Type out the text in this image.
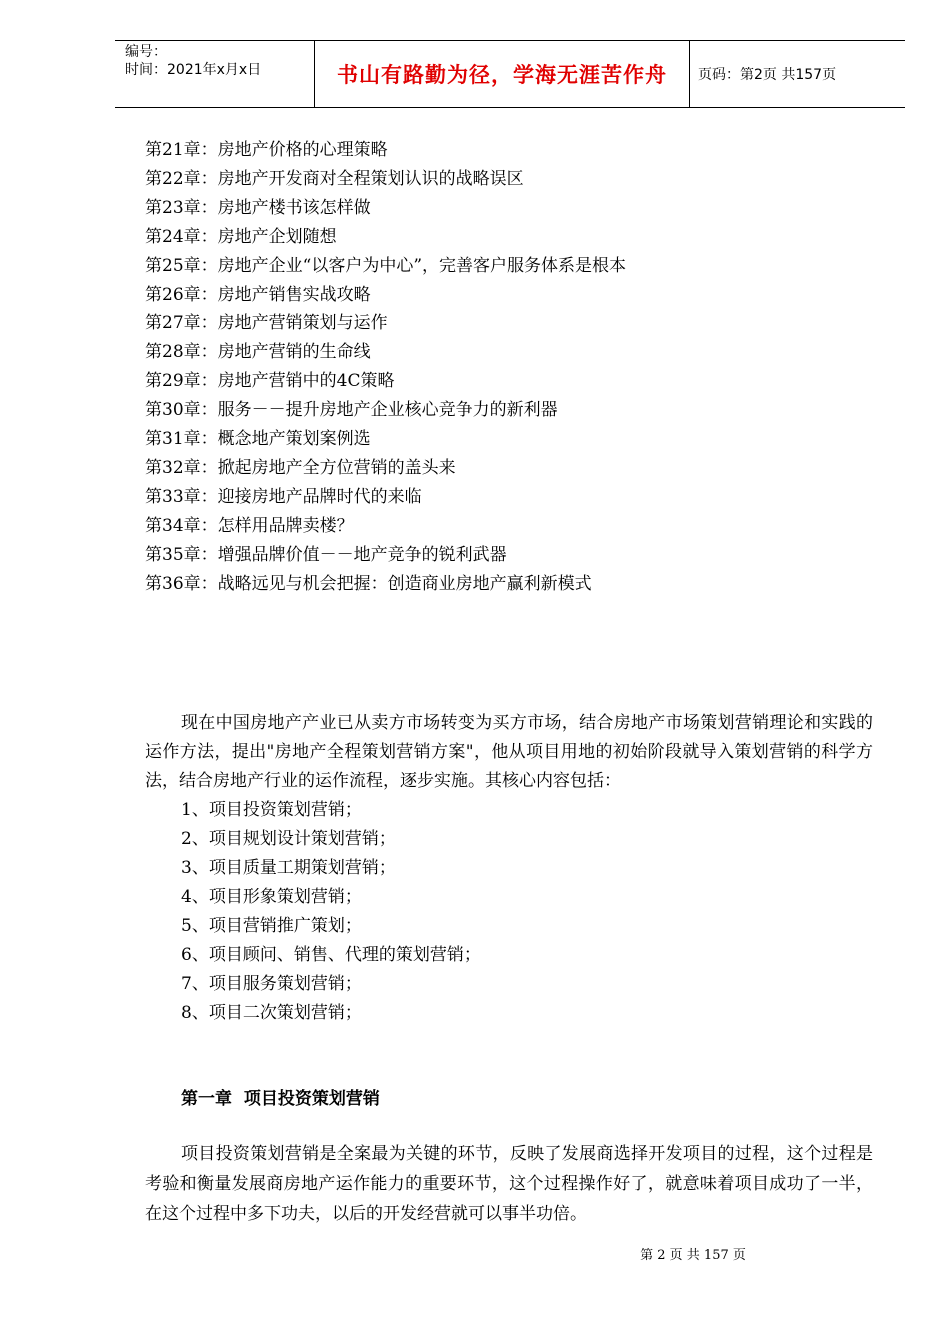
编号：
时间：2021年x月x日	书山有路勤为径，学海无涯苦作舟 页码：第2页 共157页
第21章：房地产价格的心理策略
第22章：房地产开发商对全程策划认识的战略误区
第23章：房地产楼书该怎样做
第24章：房地产企划随想
第25章：房地产企业“以客户为中心”，完善客户服务体系是根本
第26章：房地产销售实战攻略
第27章：房地产营销策划与运作
第28章：房地产营销的生命线
第29章：房地产营销中的4C策略
第30章：服务－－提升房地产企业核心竞争力的新利器
第31章：概念地产策划案例选
第32章：掀起房地产全方位营销的盖头来
第33章：迎接房地产品牌时代的来临
第34章：怎样用品牌卖楼？
第35章：增强品牌价值－－地产竞争的锐利武器
第36章：战略远见与机会把握：创造商业房地产赢利新模式

现在中国房地产产业已从卖方市场转变为买方市场，结合房地产市场策划营销理论和实践的运作方法，提出"房地产全程策划营销方案"，他从项目用地的初始阶段就导入策划营销的科学方法，结合房地产行业的运作流程，逐步实施。其核心内容包括：

1、项目投资策划营销；
2、项目规划设计策划营销；
3、项目质量工期策划营销；
4、项目形象策划营销；
5、项目营销推广策划；
6、项目顾问、销售、代理的策划营销；
7、项目服务策划营销；
8、项目二次策划营销；
第一章  项目投资策划营销

项目投资策划营销是全案最为关键的环节，反映了发展商选择开发项目的过程，这个过程是考验和衡量发展商房地产运作能力的重要环节，这个过程操作好了，就意味着项目成功了一半，在这个过程中多下功夫，以后的开发经营就可以事半功倍。

第 2 页 共 157 页
